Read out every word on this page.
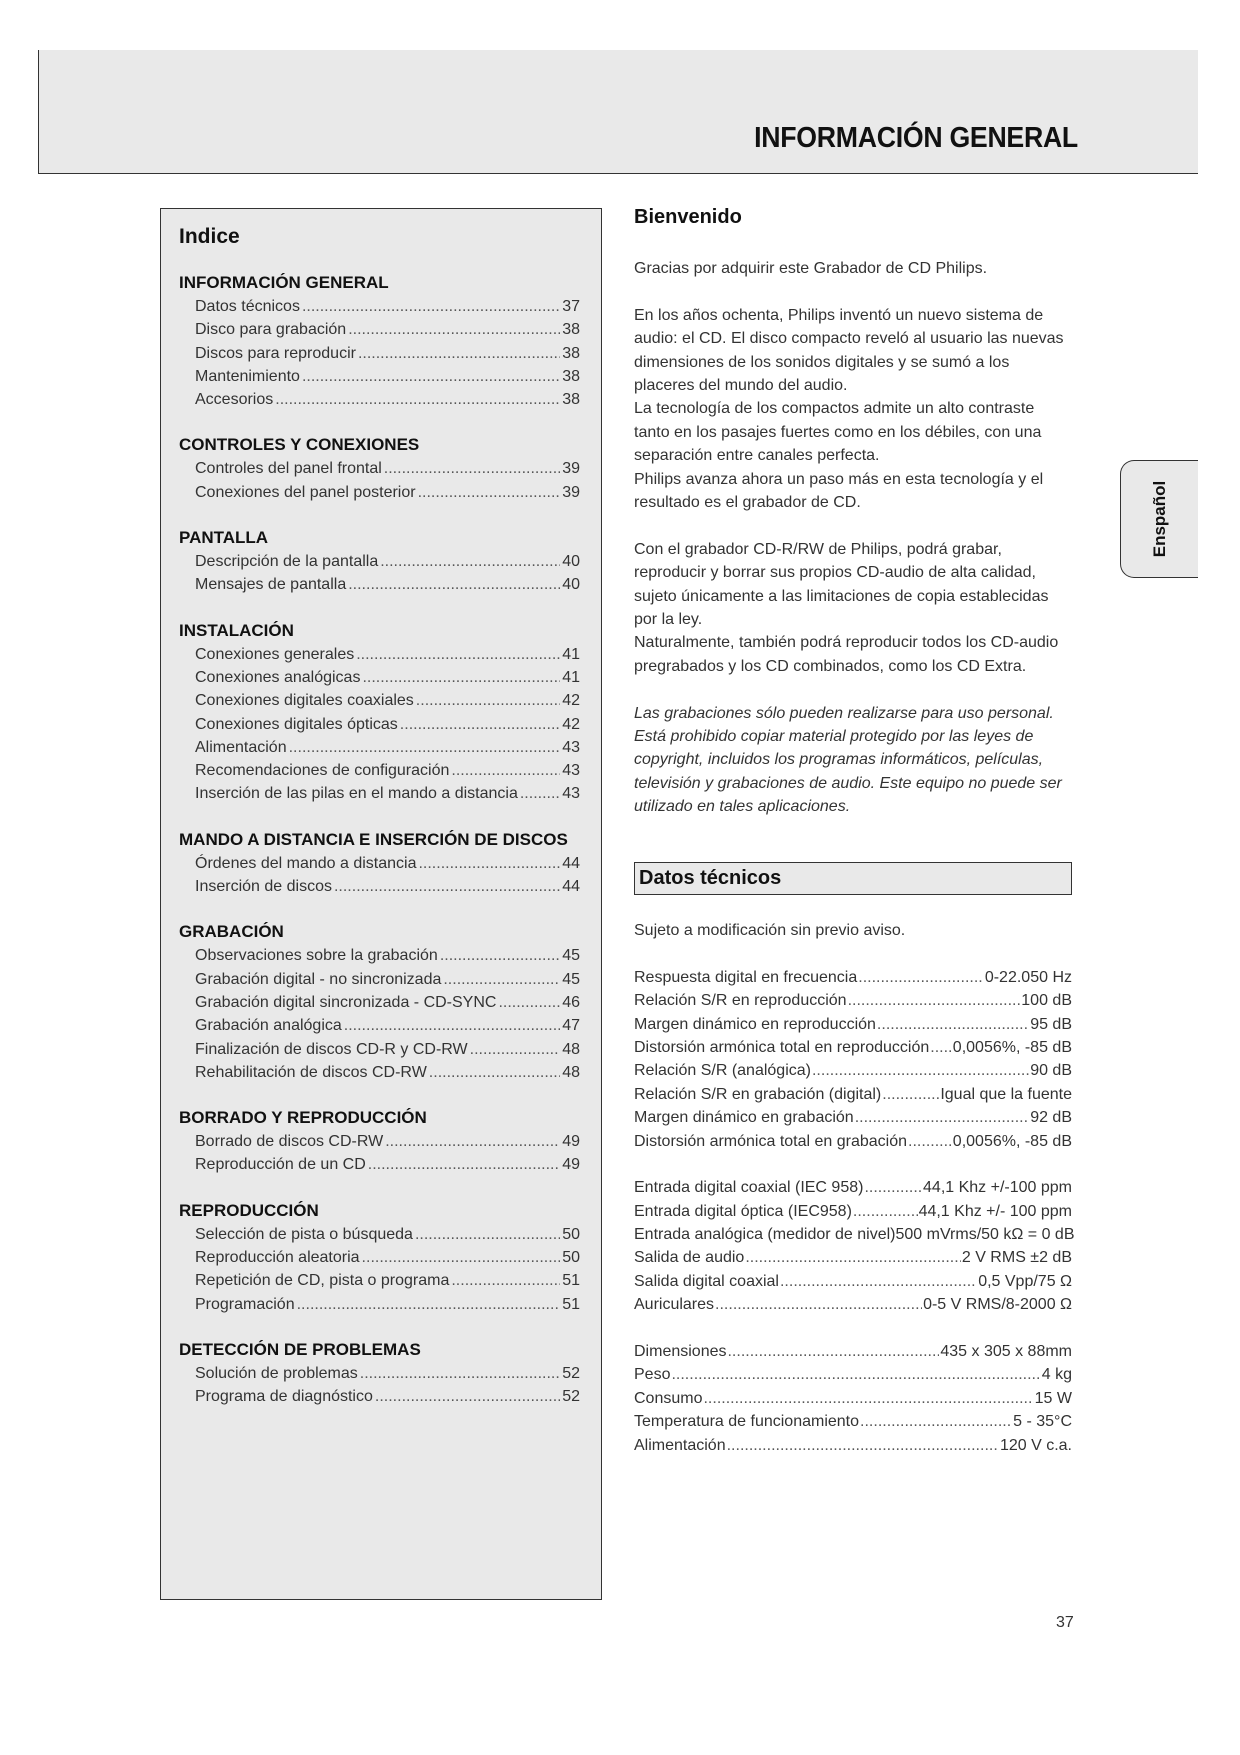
INFORMACIÓN GENERAL
Enspañol
Indice
INFORMACIÓN GENERAL
Datos técnicos .....	37
Disco para grabación .....	38
Discos para reproducir .....	38
Mantenimiento .....	38
Accesorios .....	38
CONTROLES Y CONEXIONES
Controles del panel frontal .....	39
Conexiones del panel posterior .....	39
PANTALLA
Descripción de la pantalla .....	40
Mensajes de pantalla .....	40
INSTALACIÓN
Conexiones generales .....	41
Conexiones analógicas .....	41
Conexiones digitales coaxiales .....	42
Conexiones digitales ópticas .....	42
Alimentación .....	43
Recomendaciones de configuración .....	43
Inserción de las pilas en el mando a distancia .....	43
MANDO A DISTANCIA E INSERCIÓN DE DISCOS
Órdenes del mando a distancia .....	44
Inserción de discos .....	44
GRABACIÓN
Observaciones sobre la grabación .....	45
Grabación digital - no sincronizada .....	45
Grabación digital sincronizada - CD-SYNC .....	46
Grabación analógica .....	47
Finalización de discos CD-R y CD-RW .....	48
Rehabilitación de discos CD-RW .....	48
BORRADO Y REPRODUCCIÓN
Borrado de discos CD-RW .....	49
Reproducción de un CD .....	49
REPRODUCCIÓN
Selección de pista o búsqueda .....	50
Reproducción aleatoria .....	50
Repetición de CD, pista o programa .....	51
Programación .....	51
DETECCIÓN DE PROBLEMAS
Solución de problemas .....	52
Programa de diagnóstico .....	52
Bienvenido

Gracias por adquirir este Grabador de CD Philips.

En los años ochenta, Philips inventó un nuevo sistema de audio: el CD. El disco compacto reveló al usuario las nuevas dimensiones de los sonidos digitales y se sumó a los placeres del mundo del audio.

La tecnología de los compactos admite un alto contraste tanto en los pasajes fuertes como en los débiles, con una separación entre canales perfecta.

Philips avanza ahora un paso más en esta tecnología y el resultado es el grabador de CD.

Con el grabador CD-R/RW de Philips, podrá grabar, reproducir y borrar sus propios CD-audio de alta calidad, sujeto únicamente a las limitaciones de copia establecidas por la ley.

Naturalmente, también podrá reproducir todos los CD-audio pregrabados y los CD combinados, como los CD Extra.

Las grabaciones sólo pueden realizarse para uso personal. Está prohibido copiar material protegido por las leyes de copyright, incluidos los programas informáticos, películas, televisión y grabaciones de audio. Este equipo no puede ser utilizado en tales aplicaciones.

Datos técnicos

Sujeto a modificación sin previo aviso.

Respuesta digital en frecuencia .....	0-22.050 Hz
Relación S/R en reproducción .....	100 dB
Margen dinámico en reproducción .....	95 dB
Distorsión armónica total en reproducción ..... 0,0056%, -85 dB
Relación S/R (analógica) .....	90 dB
Relación S/R en grabación (digital) .....	Igual que la fuente
Margen dinámico en grabación .....	92 dB
Distorsión armónica total en grabación .....	0,0056%, -85 dB
Entrada digital coaxial (IEC 958) .....	44,1 Khz +/-100 ppm
Entrada digital óptica (IEC958) .....	44,1 Khz +/- 100 ppm
Entrada analógica (medidor de nivel) 500 mVrms/50 kΩ = 0 dB
Salida de audio .....	2 V RMS ±2 dB
Salida digital coaxial .....	0,5 Vpp/75 Ω
Auriculares .....	0-5 V RMS/8-2000 Ω
Dimensiones .....	435 x 305 x 88mm
Peso .....	4 kg
Consumo .....	15 W
Temperatura de funcionamiento .....	5 - 35°C
Alimentación .....	120 V c.a.
37
